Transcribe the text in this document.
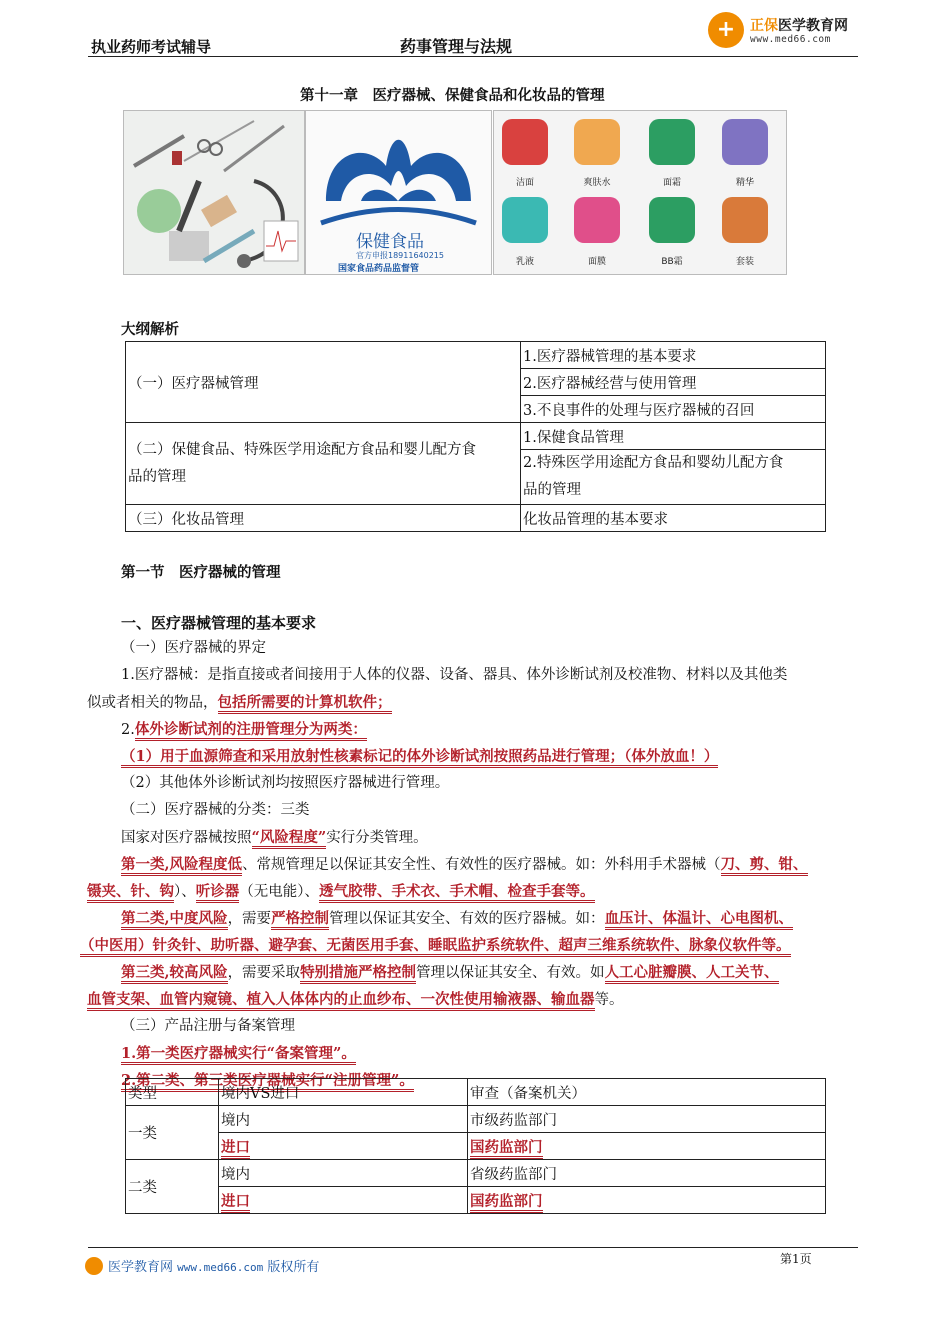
执业药师考试辅导	药事管理与法规
+	正保医学教育网
www.med66.com
第十一章　医疗器械、保健食品和化妆品的管理
保健食品
官方申报18911640215
国家食品药品监督管
洁面	爽肤水	面霜	精华
乳液	面膜	BB霜	套装
大纲解析
（一）医疗器械管理	1.医疗器械管理的基本要求
	2.医疗器械经营与使用管理
	3.不良事件的处理与医疗器械的召回

（二）保健食品、特殊医学用途配方食品和婴儿配方食
品的管理	1.保健食品管理

	2.特殊医学用途配方食品和婴幼儿配方食
品的管理

（三）化妆品管理	化妆品管理的基本要求
第一节　医疗器械的管理
一、医疗器械管理的基本要求
（一）医疗器械的界定
1.医疗器械：是指直接或者间接用于人体的仪器、设备、器具、体外诊断试剂及校准物、材料以及其他类
似或者相关的物品，包括所需要的计算机软件；
2.体外诊断试剂的注册管理分为两类：
（1）用于血源筛查和采用放射性核素标记的体外诊断试剂按照药品进行管理；（体外放血！）
（2）其他体外诊断试剂均按照医疗器械进行管理。
（二）医疗器械的分类：三类
国家对医疗器械按照“风险程度”实行分类管理。
第一类,风险程度低、常规管理足以保证其安全性、有效性的医疗器械。如：外科用手术器械（刀、剪、钳、
镊夹、针、钩）、听诊器（无电能）、透气胶带、手术衣、手术帽、检查手套等。
第二类,中度风险，需要严格控制管理以保证其安全、有效的医疗器械。如：血压计、体温计、心电图机、
（中医用）针灸针、助听器、避孕套、无菌医用手套、睡眠监护系统软件、超声三维系统软件、脉象仪软件等。
第三类,较高风险，需要采取特别措施严格控制管理以保证其安全、有效。如人工心脏瓣膜、人工关节、
血管支架、血管内窥镜、植入人体体内的止血纱布、一次性使用输液器、输血器等。
（三）产品注册与备案管理
1.第一类医疗器械实行“备案管理”。
2.第二类、第三类医疗器械实行“注册管理”。
类型	境内VS进口	审查（备案机关）
一类	境内	市级药监部门
	进口	国药监部门
二类	境内	省级药监部门
	进口	国药监部门
医学教育网 www.med66.com 版权所有
第1页
